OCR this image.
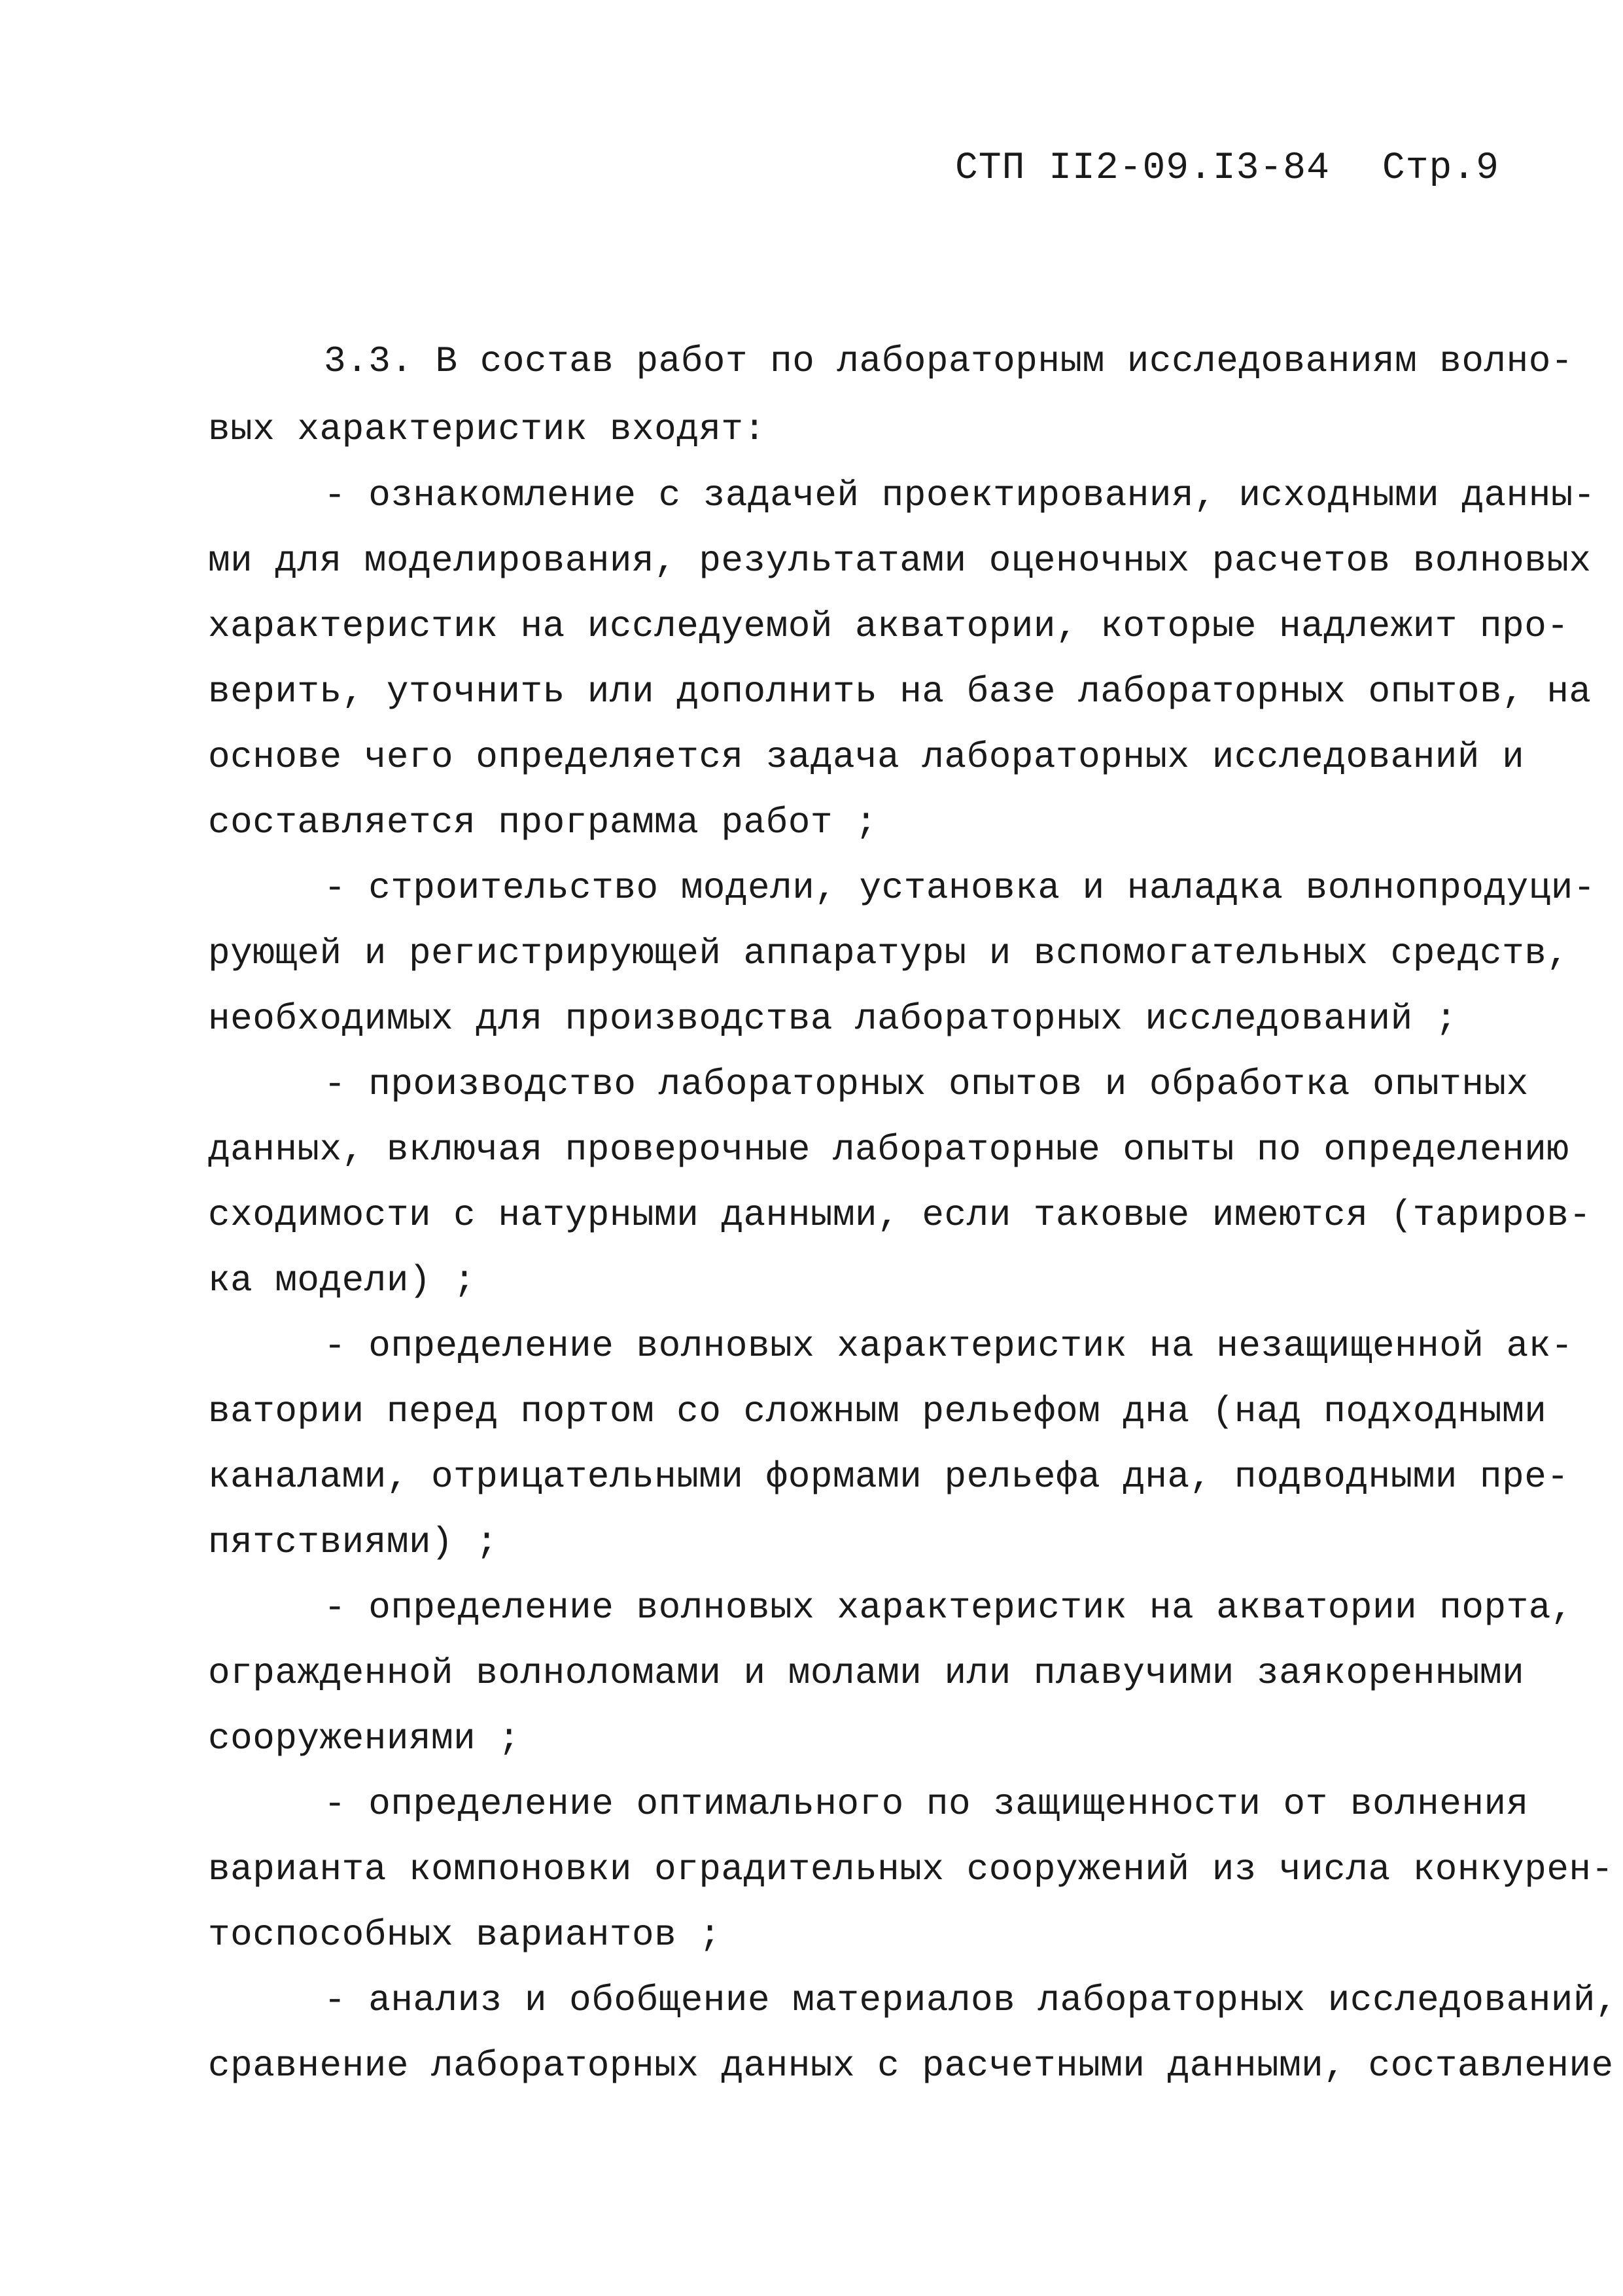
СТП II2-09.I3-84 Стр.9
3.3. В состав работ по лабораторным исследованиям волно-
вых характеристик входят:
- ознакомление с задачей проектирования, исходными данны-
ми для моделирования, результатами оценочных расчетов волновых
характеристик на исследуемой акватории, которые надлежит про-
верить, уточнить или дополнить на базе лабораторных опытов, на
основе чего определяется задача лабораторных исследований и
составляется программа работ ;
- строительство модели, установка и наладка волнопродуци-
рующей и регистрирующей аппаратуры и вспомогательных средств,
необходимых для производства лабораторных исследований ;
- производство лабораторных опытов и обработка опытных
данных, включая проверочные лабораторные опыты по определению
сходимости с натурными данными, если таковые имеются (тариров-
ка модели) ;
- определение волновых характеристик на незащищенной ак-
ватории перед портом со сложным рельефом дна (над подходными
каналами, отрицательными формами рельефа дна, подводными пре-
пятствиями) ;
- определение волновых характеристик на акватории порта,
огражденной волноломами и молами или плавучими заякоренными
сооружениями ;
- определение оптимального по защищенности от волнения
варианта компоновки оградительных сооружений из числа конкурен-
тоспособных вариантов ;
- анализ и обобщение материалов лабораторных исследований,
сравнение лабораторных данных с расчетными данными, составление
